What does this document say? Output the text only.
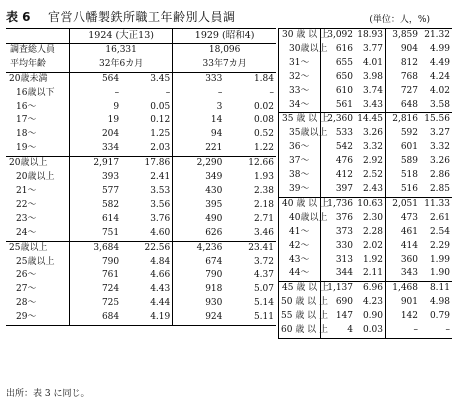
表 6 官営八幡製鉄所職工年齢別人員調	(単位：人，%)
	1924 (大正13)		1929 (昭和4)	
調査総人員	16,331		18,096	
平均年齢	32年6カ月		33年7カ月	
20歳未満	564	3.45	333	1.84
16歳以下	–	–	–	–
16〜	9	0.05	3	0.02
17〜	19	0.12	14	0.08
18〜	204	1.25	94	0.52
19〜	334	2.03	221	1.22
20歳以上	2,917	17.86	2,290	12.66
20歳以上	393	2.41	349	1.93
21〜	577	3.53	430	2.38
22〜	582	3.56	395	2.18
23〜	614	3.76	490	2.71
24〜	751	4.60	626	3.46
25歳以上	3,684	22.56	4,236	23.41
25歳以上	790	4.84	674	3.72
26〜	761	4.66	790	4.37
27〜	724	4.43	918	5.07
28〜	725	4.44	930	5.14
29〜	684	4.19	924	5.11
30 歳 以 上	3,092	18.93	3,859	21.32
30歳以上	616	3.77	904	4.99
31〜	655	4.01	812	4.49
32〜	650	3.98	768	4.24
33〜	610	3.74	727	4.02
34〜	561	3.43	648	3.58
35 歳 以 上	2,360	14.45	2,816	15.56
35歳以上	533	3.26	592	3.27
36〜	542	3.32	601	3.32
37〜	476	2.92	589	3.26
38〜	412	2.52	518	2.86
39〜	397	2.43	516	2.85
40 歳 以 上	1,736	10.63	2,051	11.33
40歳以上	376	2.30	473	2.61
41〜	373	2.28	461	2.54
42〜	330	2.02	414	2.29
43〜	313	1.92	360	1.99
44〜	344	2.11	343	1.90
45 歳 以 上	1,137	6.96	1,468	8.11
50 歳 以 上	690	4.23	901	4.98
55 歳 以 上	147	0.90	142	0.79
60 歳 以 上	4	0.03	–	–
出所：表 3 に同じ。
